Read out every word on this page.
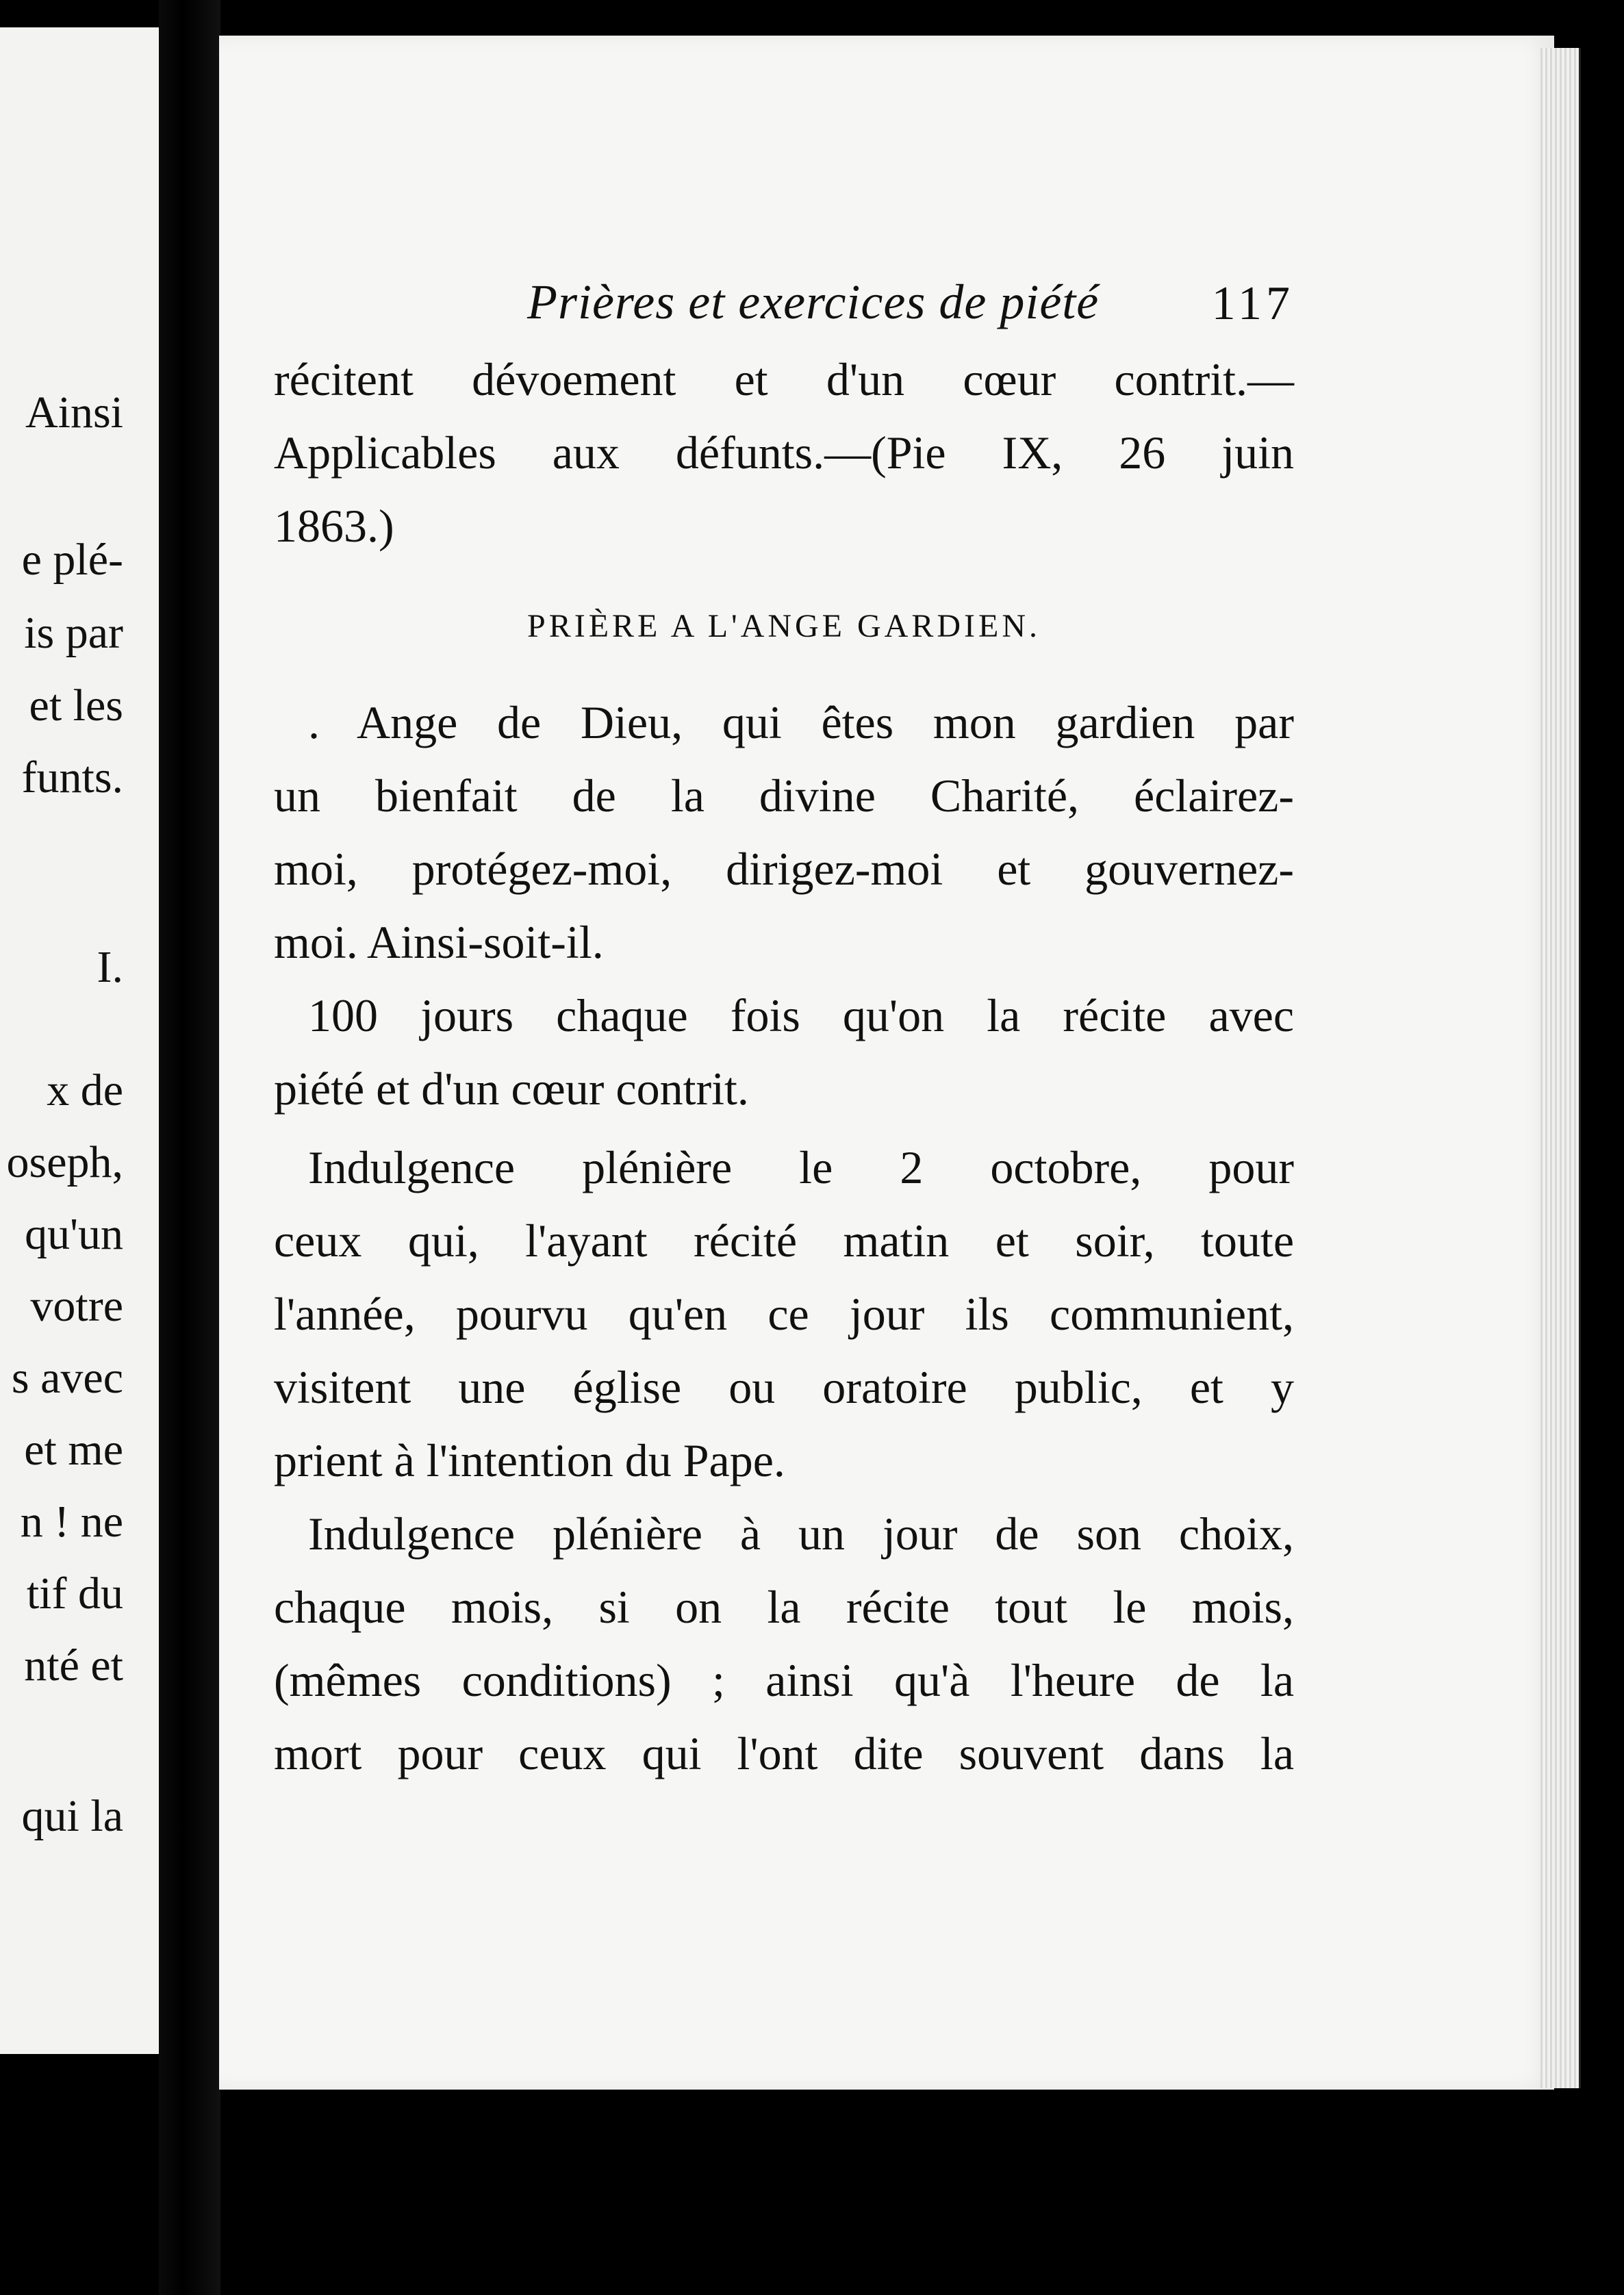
Ainsi
e plé-
is par
et les
funts.
I.
x de
oseph,
qu'un
votre
s avec
et me
n ! ne
tif du
nté et
qui la
Prières et exercices de piété 117
récitent dévoement et d'un cœur contrit.—
Applicables aux défunts.—(Pie IX, 26 juin
1863.)
PRIÈRE A L'ANGE GARDIEN.
. Ange de Dieu, qui êtes mon gardien par
un bienfait de la divine Charité, éclairez-
moi, protégez-moi, dirigez-moi et gouvernez-
moi. Ainsi-soit-il.
100 jours chaque fois qu'on la récite avec
piété et d'un cœur contrit.
Indulgence plénière le 2 octobre, pour
ceux qui, l'ayant récité matin et soir, toute
l'année, pourvu qu'en ce jour ils communient,
visitent une église ou oratoire public, et y
prient à l'intention du Pape.
Indulgence plénière à un jour de son choix,
chaque mois, si on la récite tout le mois,
(mêmes conditions) ; ainsi qu'à l'heure de la
mort pour ceux qui l'ont dite souvent dans la
